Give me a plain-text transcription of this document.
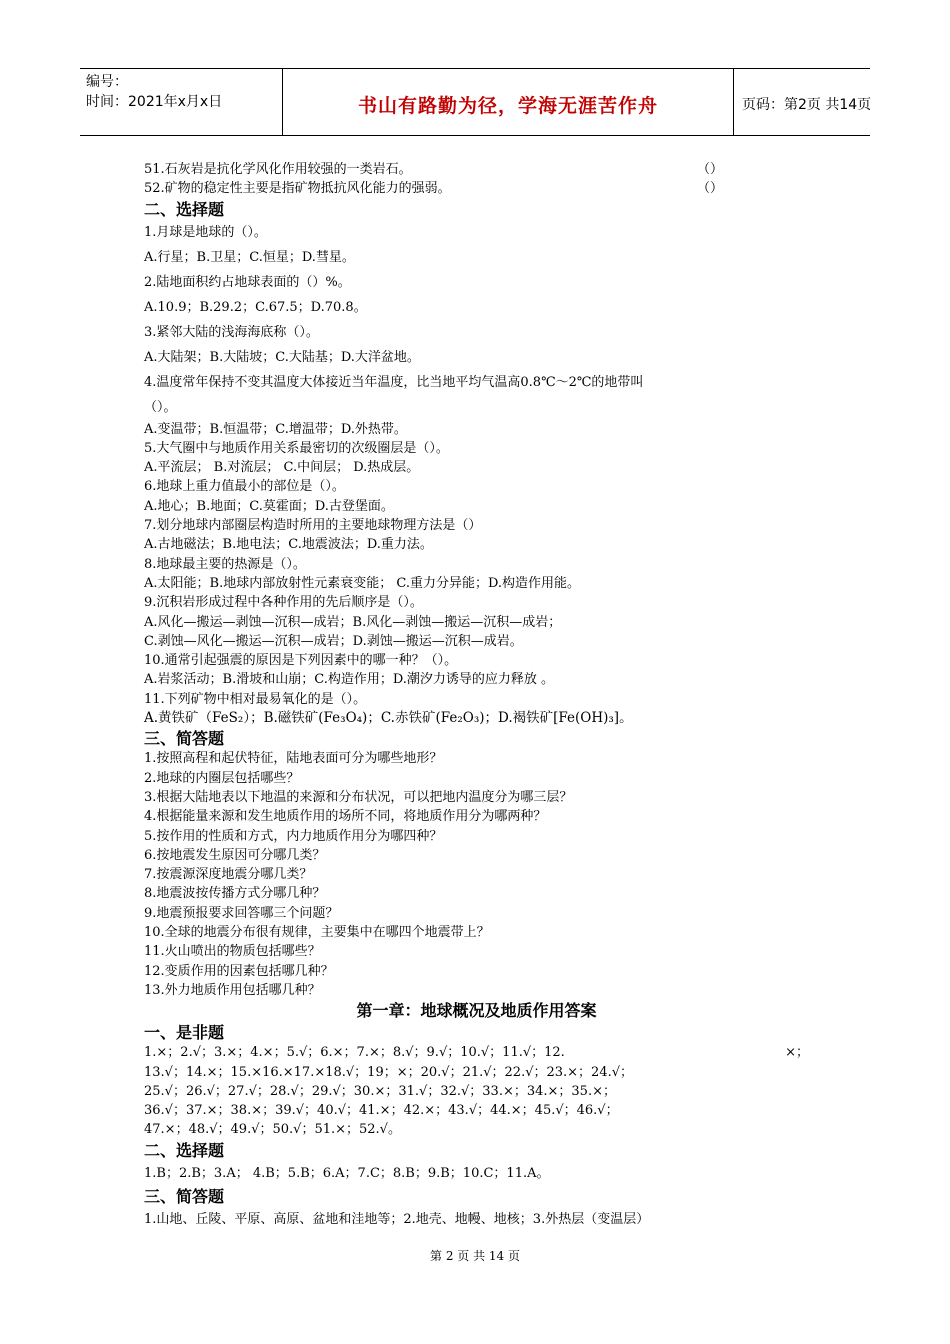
编号：
时间：2021年x月x日	书山有路勤为径，学海无涯苦作舟	页码：第2页 共14页
51.石灰岩是抗化学风化作用较强的一类岩石。	（）
52.矿物的稳定性主要是指矿物抵抗风化能力的强弱。	（）
二、选择题
1.月球是地球的（）。
A.行星；B.卫星；C.恒星；D.彗星。
2.陆地面积约占地球表面的（）%。
A.10.9；B.29.2；C.67.5；D.70.8。
3.紧邻大陆的浅海海底称（）。
A.大陆架；B.大陆坡；C.大陆基；D.大洋盆地。
4.温度常年保持不变其温度大体接近当年温度，比当地平均气温高0.8℃～2℃的地带叫
（）。
A.变温带；B.恒温带；C.增温带；D.外热带。
5.大气圈中与地质作用关系最密切的次级圈层是（）。
A.平流层； B.对流层； C.中间层； D.热成层。
6.地球上重力值最小的部位是（）。
A.地心；B.地面；C.莫霍面；D.古登堡面。
7.划分地球内部圈层构造时所用的主要地球物理方法是（）
A.古地磁法；B.地电法；C.地震波法；D.重力法。
8.地球最主要的热源是（）。
A.太阳能；B.地球内部放射性元素衰变能； C.重力分异能；D.构造作用能。
9.沉积岩形成过程中各种作用的先后顺序是（）。
A.风化—搬运—剥蚀—沉积—成岩；B.风化—剥蚀—搬运—沉积—成岩；
C.剥蚀—风化—搬运—沉积—成岩；D.剥蚀—搬运—沉积—成岩。
10.通常引起强震的原因是下列因素中的哪一种？（）。
A.岩浆活动；B.滑坡和山崩；C.构造作用；D.潮汐力诱导的应力释放 。
11.下列矿物中相对最易氧化的是（）。
A.黄铁矿（FeS₂）；B.磁铁矿(Fe₃O₄)；C.赤铁矿(Fe₂O₃)；D.褐铁矿[Fe(OH)₃]。
三、简答题
1.按照高程和起伏特征，陆地表面可分为哪些地形？
2.地球的内圈层包括哪些？
3.根据大陆地表以下地温的来源和分布状况，可以把地内温度分为哪三层？
4.根据能量来源和发生地质作用的场所不同，将地质作用分为哪两种？
5.按作用的性质和方式，内力地质作用分为哪四种？
6.按地震发生原因可分哪几类？
7.按震源深度地震分哪几类？
8.地震波按传播方式分哪几种？
9.地震预报要求回答哪三个问题？
10.全球的地震分布很有规律，主要集中在哪四个地震带上？
11.火山喷出的物质包括哪些？
12.变质作用的因素包括哪几种？
13.外力地质作用包括哪几种？
第一章：地球概况及地质作用答案
一、是非题
1.×；2.√；3.×；4.×；5.√；6.×；7.×；8.√；9.√；10.√；11.√；12. ×；
13.√；14.×；15.×16.×17.×18.√；19；×；20.√；21.√；22.√；23.×；24.√；
25.√；26.√；27.√；28.√；29.√；30.×；31.√；32.√；33.×；34.×；35.×；
36.√；37.×；38.×；39.√；40.√；41.×；42.×；43.√；44.×；45.√；46.√；
47.×；48.√；49.√；50.√；51.×；52.√。
二、选择题
1.B；2.B；3.A； 4.B；5.B；6.A；7.C；8.B；9.B；10.C；11.A。
三、简答题
1.山地、丘陵、平原、高原、盆地和洼地等；2.地壳、地幔、地核；3.外热层（变温层）
第 2 页 共 14 页
